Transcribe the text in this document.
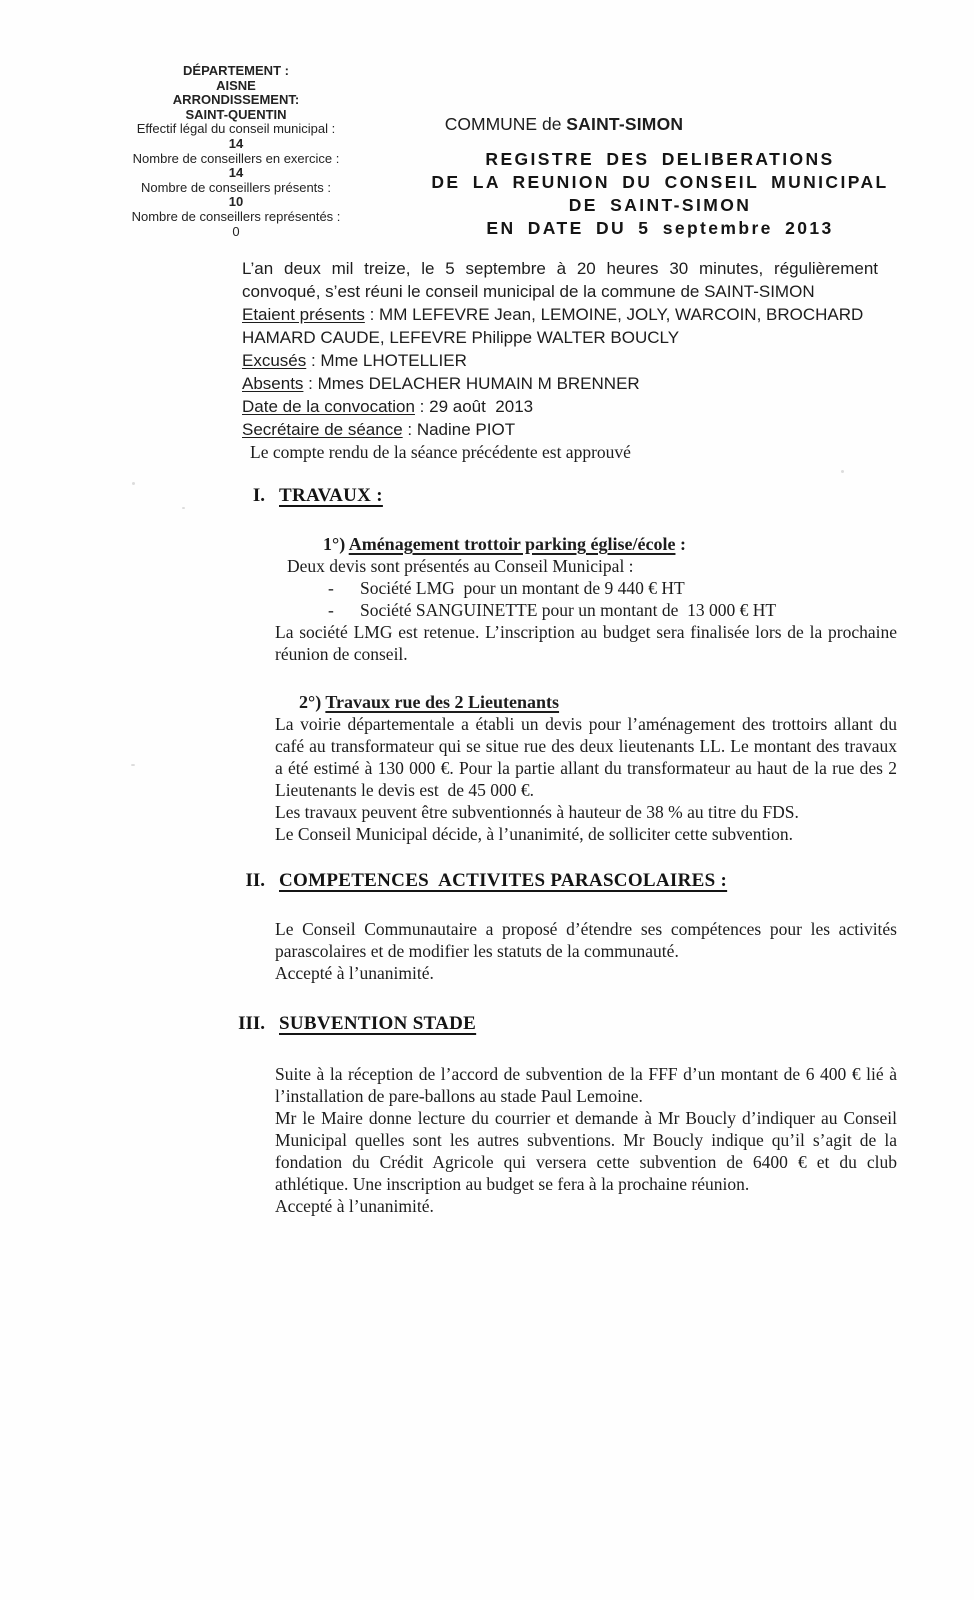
DÉPARTEMENT :
AISNE
ARRONDISSEMENT:
SAINT-QUENTIN
Effectif légal du conseil municipal :
14
Nombre de conseillers en exercice :
14
Nombre de conseillers présents :
10
Nombre de conseillers représentés :
0
COMMUNE de SAINT-SIMON
REGISTRE DES DELIBERATIONS
DE LA REUNION DU CONSEIL MUNICIPAL
DE SAINT-SIMON
EN DATE DU 5 septembre 2013

L’an deux mil treize, le 5 septembre à 20 heures 30 minutes, régulièrement convoqué, s’est réuni le conseil municipal de la commune de SAINT-SIMON

Etaient présents : MM LEFEVRE Jean, LEMOINE, JOLY, WARCOIN, BROCHARD HAMARD CAUDE, LEFEVRE Philippe WALTER BOUCLY

Excusés : Mme LHOTELLIER

Absents : Mmes DELACHER HUMAIN M BRENNER

Date de la convocation : 29 août  2013

Secrétaire de séance : Nadine PIOT

Le compte rendu de la séance précédente est approuvé

I. TRAVAUX :
1°) Aménagement trottoir parking église/école :

Deux devis sont présentés au Conseil Municipal :

- Société LMG  pour un montant de 9 440 € HT
- Société SANGUINETTE pour un montant de  13 000 € HT

La société LMG est retenue. L’inscription au budget sera finalisée lors de la prochaine réunion de conseil.

2°) Travaux rue des 2 Lieutenants

La voirie départementale a établi un devis pour l’aménagement des trottoirs allant du café au transformateur qui se situe rue des deux lieutenants LL. Le montant des travaux a été estimé à 130 000 €. Pour la partie allant du transformateur au haut de la rue des 2 Lieutenants le devis est  de 45 000 €.

Les travaux peuvent être subventionnés à hauteur de 38 % au titre du FDS.

Le Conseil Municipal décide, à l’unanimité, de solliciter cette subvention.

II. COMPETENCES  ACTIVITES PARASCOLAIRES :

Le Conseil Communautaire a proposé d’étendre ses compétences pour les activités parascolaires et de modifier les statuts de la communauté.

Accepté à l’unanimité.

III. SUBVENTION STADE

Suite à la réception de l’accord de subvention de la FFF d’un montant de 6 400 € lié à l’installation de pare-ballons au stade Paul Lemoine.

Mr le Maire donne lecture du courrier et demande à Mr Boucly d’indiquer au Conseil Municipal quelles sont les autres subventions. Mr Boucly indique qu’il s’agit de la fondation du Crédit Agricole qui versera cette subvention de 6400 € et du club athlétique. Une inscription au budget se fera à la prochaine réunion.

Accepté à l’unanimité.
